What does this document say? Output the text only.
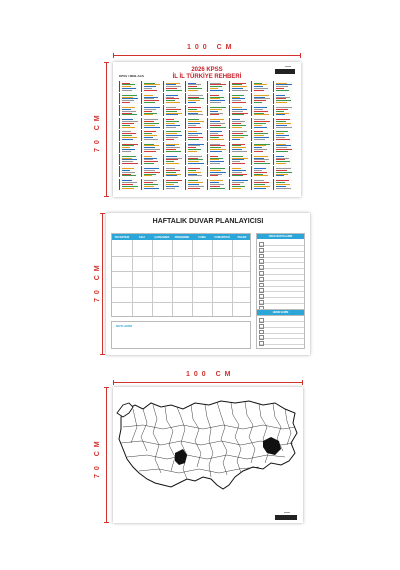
100 CM
70 CM
KPSS / MEB-AGS
2026 KPSS
İL İL TÜRKİYE REHBERİ
▬▬▬
70 CM
HAFTALIK DUVAR PLANLAYICISI
· · · · · · · · · ·
PAZARTESİ	SALI	ÇARŞAMBA	PERŞEMBE	CUMA	CUMARTESİ	PAZAR
NOTLARIM
ODAK NOKTALARIM
HEDEFLERİM
100 CM
70 CM
▬▬▬
